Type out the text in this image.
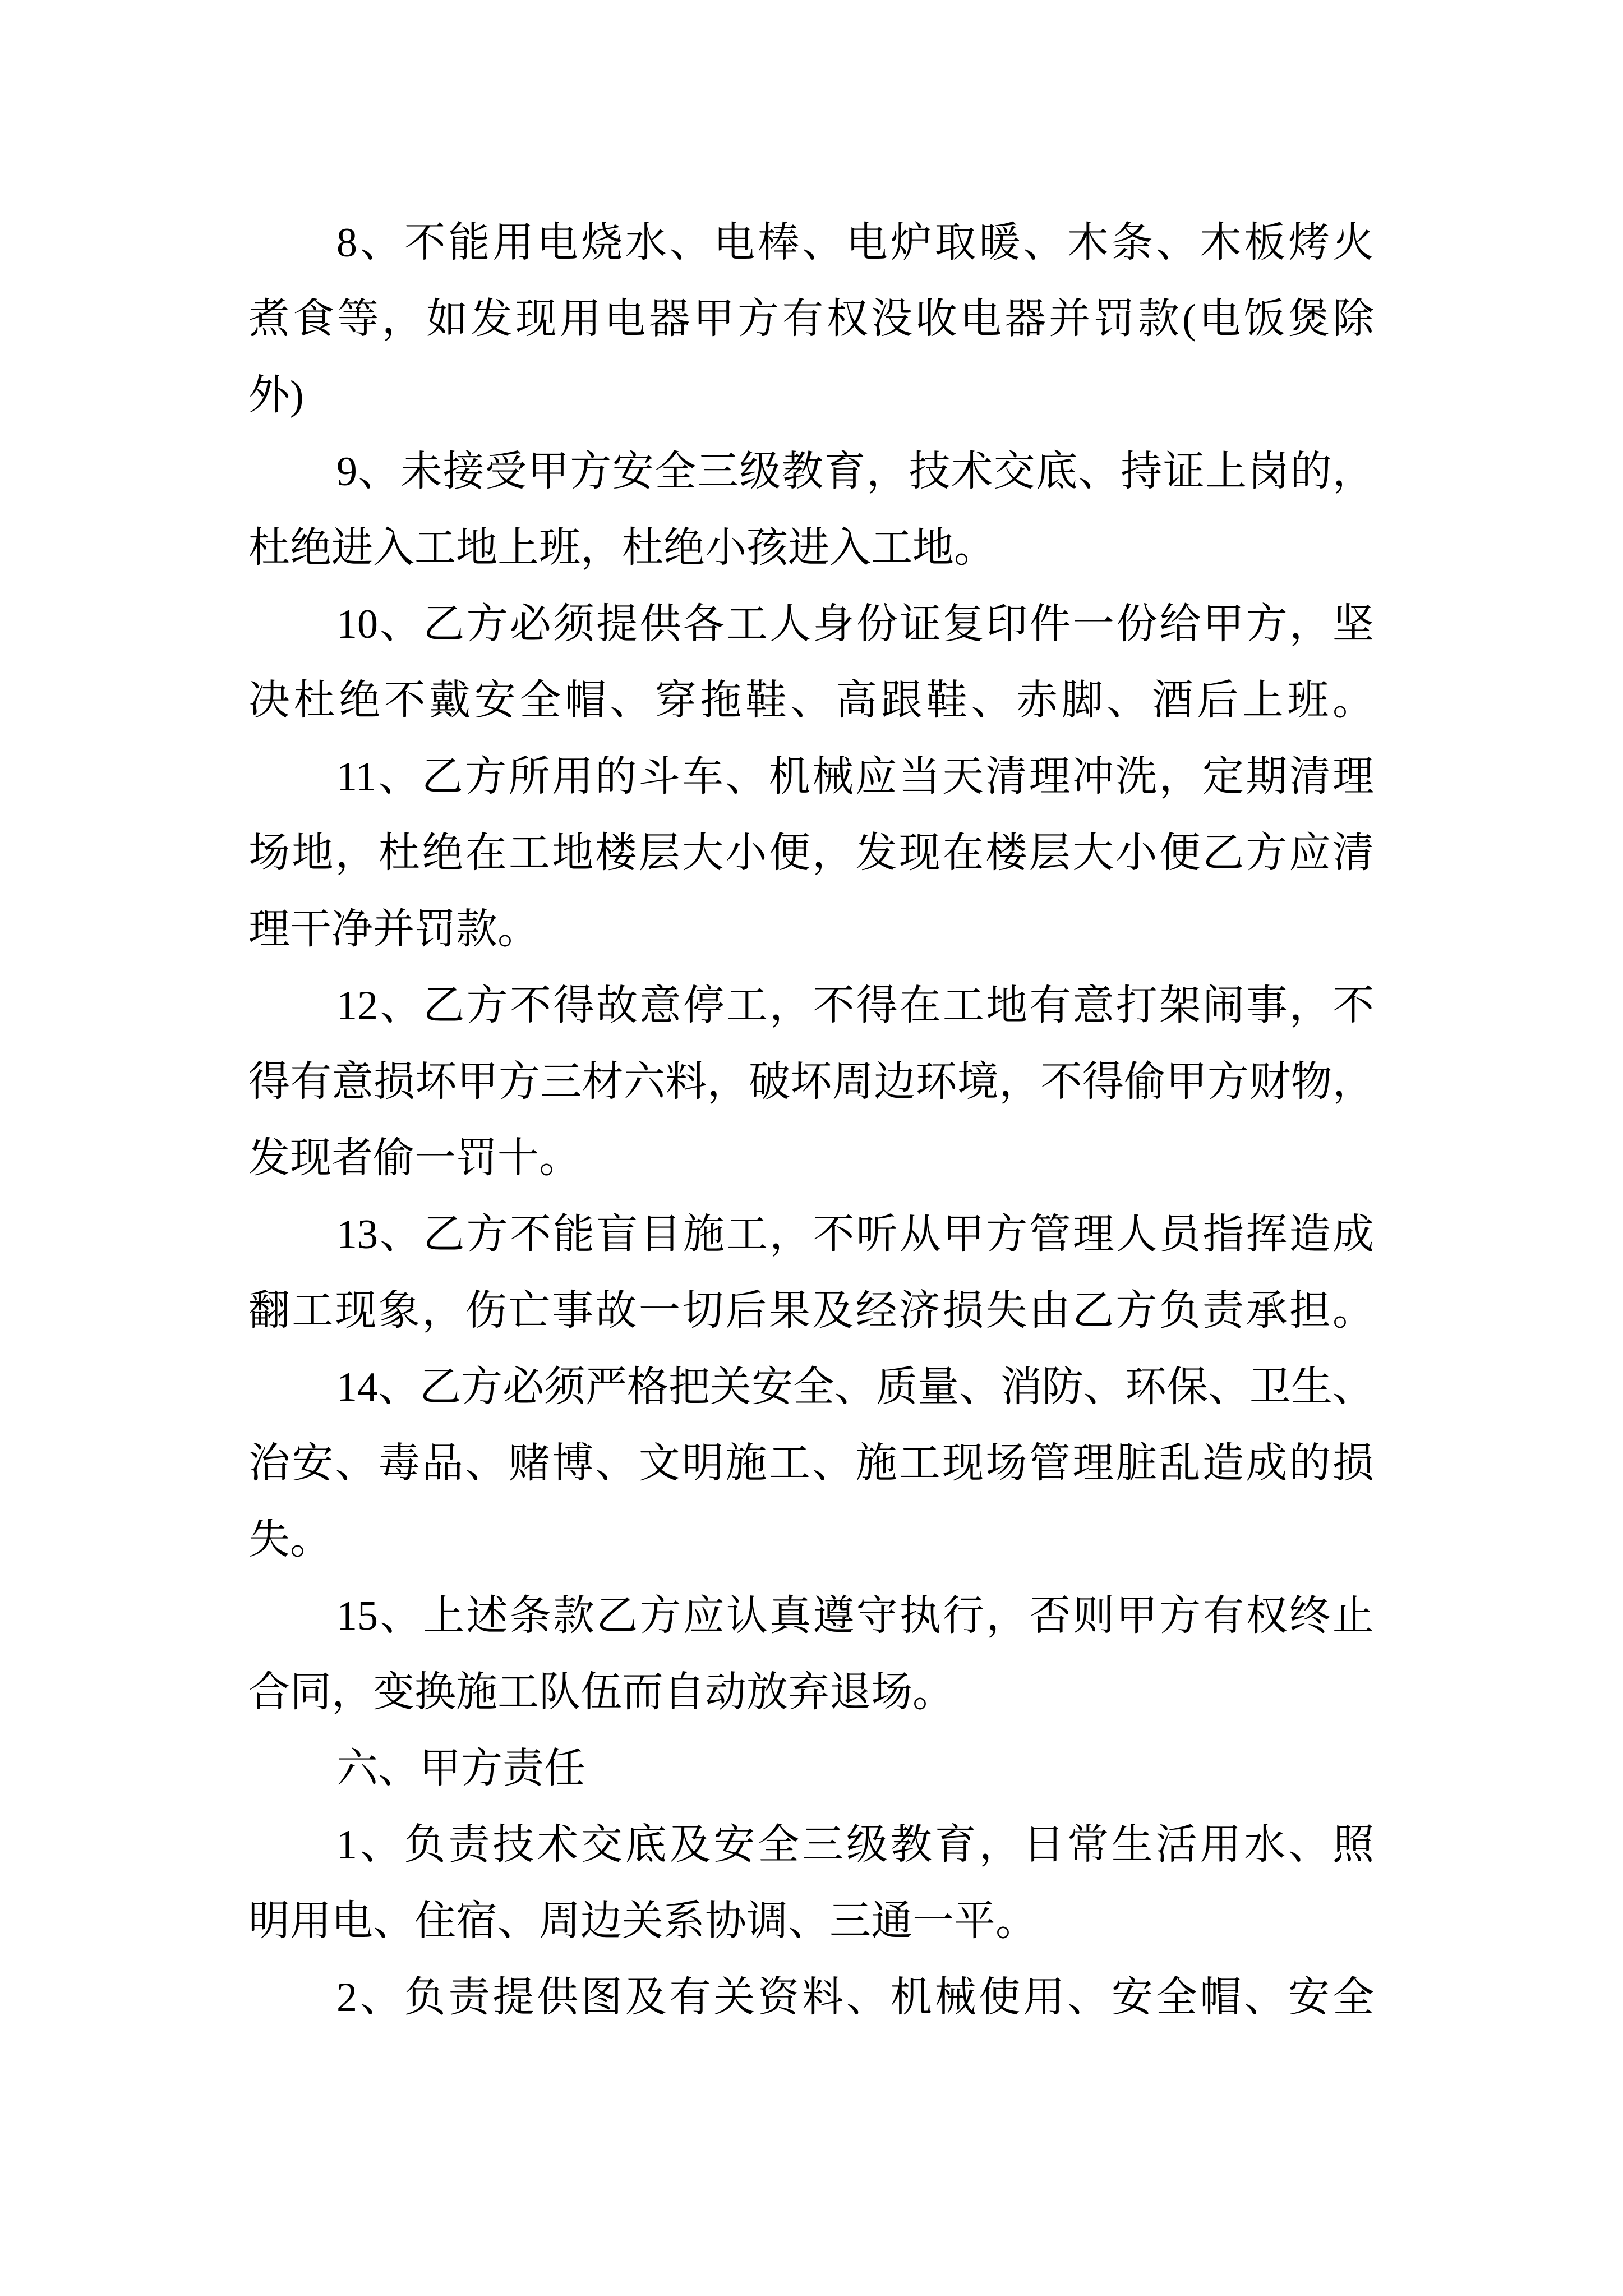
8、不能用电烧水、电棒、电炉取暖、木条、木板烤火
煮食等，如发现用电器甲方有权没收电器并罚款(电饭煲除
外)
9、未接受甲方安全三级教育，技术交底、持证上岗的，
杜绝进入工地上班，杜绝小孩进入工地。
10、乙方必须提供各工人身份证复印件一份给甲方，坚
决杜绝不戴安全帽、穿拖鞋、高跟鞋、赤脚、酒后上班。
11、乙方所用的斗车、机械应当天清理冲洗，定期清理
场地，杜绝在工地楼层大小便，发现在楼层大小便乙方应清
理干净并罚款。
12、乙方不得故意停工，不得在工地有意打架闹事，不
得有意损坏甲方三材六料，破坏周边环境，不得偷甲方财物，
发现者偷一罚十。
13、乙方不能盲目施工，不听从甲方管理人员指挥造成
翻工现象，伤亡事故一切后果及经济损失由乙方负责承担。
14、乙方必须严格把关安全、质量、消防、环保、卫生、
治安、毒品、赌博、文明施工、施工现场管理脏乱造成的损
失。
15、上述条款乙方应认真遵守执行，否则甲方有权终止
合同，变换施工队伍而自动放弃退场。
六、甲方责任
1、负责技术交底及安全三级教育，日常生活用水、照
明用电、住宿、周边关系协调、三通一平。
2、负责提供图及有关资料、机械使用、安全帽、安全
